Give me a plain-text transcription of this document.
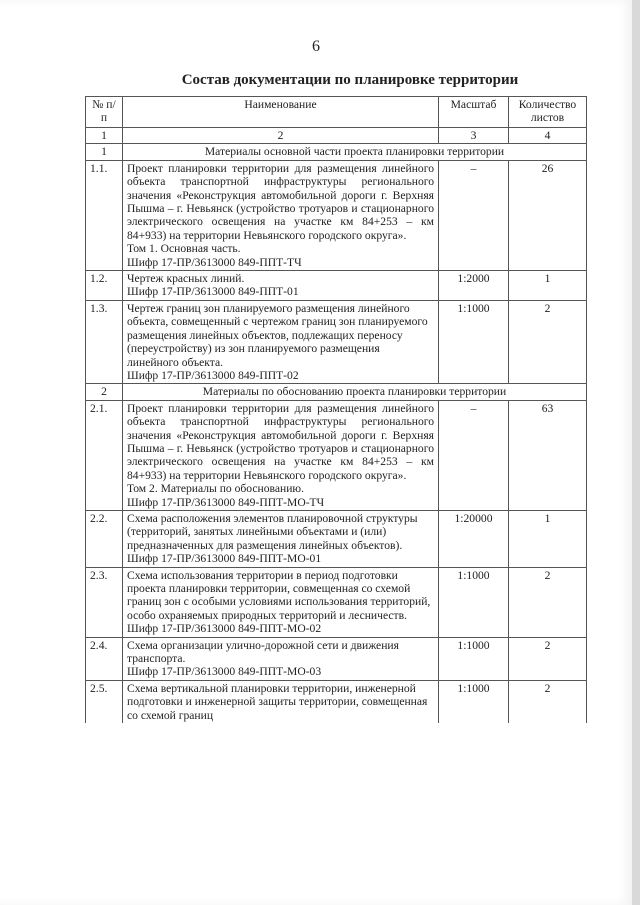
6
Состав документации по планировке территории
№ п/п	Наименование	Масштаб	Количество листов
1	2	3	4
1	Материалы основной части проекта планировки территории		
1.1.	Проект планировки территории для размещения линейного объекта транспортной инфраструктуры регионального значения «Реконструкция автомобильной дороги г. Верхняя Пышма – г. Невьянск (устройство тротуаров и стационарного электрического освещения на участке км 84+253 – км 84+933) на территории Невьянского городского округа».
Том 1. Основная часть.
Шифр 17-ПР/3613000 849-ППТ-ТЧ	–	26
1.2.	Чертеж красных линий.
Шифр 17-ПР/3613000 849-ППТ-01	1:2000	1
1.3.	Чертеж границ зон планируемого размещения линейного объекта, совмещенный с чертежом границ зон планируемого размещения линейных объектов, подлежащих переносу (переустройству) из зон планируемого размещения линейного объекта.
Шифр 17-ПР/3613000 849-ППТ-02	1:1000	2
2	Материалы по обоснованию проекта планировки территории		
2.1.	Проект планировки территории для размещения линейного объекта транспортной инфраструктуры регионального значения «Реконструкция автомобильной дороги г. Верхняя Пышма – г. Невьянск (устройство тротуаров и стационарного электрического освещения на участке км 84+253 – км 84+933) на территории Невьянского городского округа».
Том 2. Материалы по обоснованию.
Шифр 17-ПР/3613000 849-ППТ-МО-ТЧ	–	63
2.2.	Схема расположения элементов планировочной структуры (территорий, занятых линейными объектами и (или) предназначенных для размещения линейных объектов).
Шифр 17-ПР/3613000 849-ППТ-МО-01	1:20000	1
2.3.	Схема использования территории в период подготовки проекта планировки территории, совмещенная со схемой границ зон с особыми условиями использования территорий, особо охраняемых природных территорий и лесничеств.
Шифр 17-ПР/3613000 849-ППТ-МО-02	1:1000	2
2.4.	Схема организации улично-дорожной сети и движения транспорта.
Шифр 17-ПР/3613000 849-ППТ-МО-03	1:1000	2
2.5.	Схема вертикальной планировки территории, инженерной подготовки и инженерной защиты территории, совмещенная со схемой границ	1:1000	2
